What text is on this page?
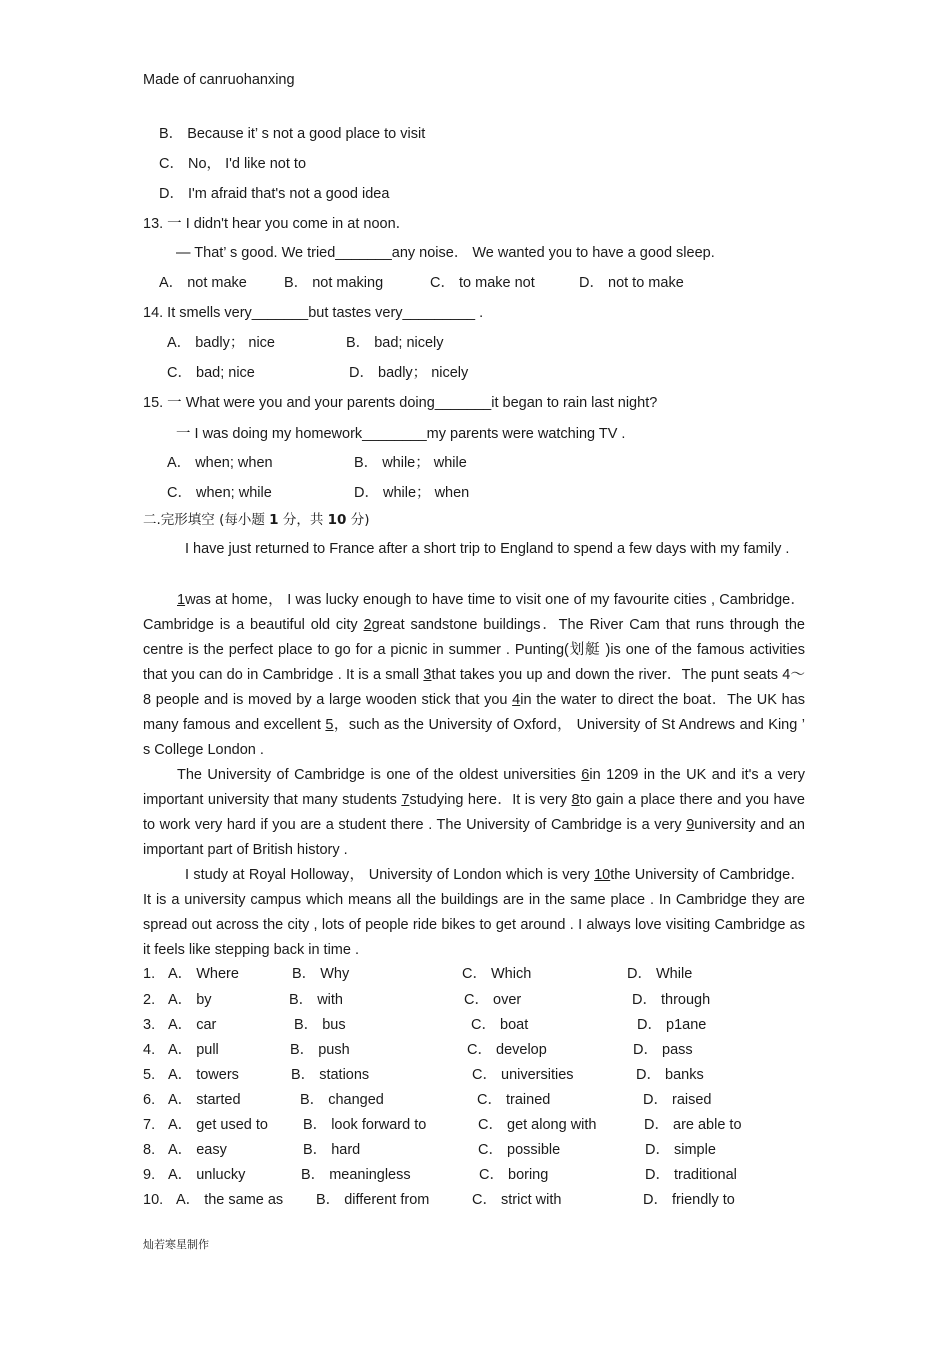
Made of canruohanxing
B． Because it’ s not a good place to visit
C． No， I'd like not to
D． I'm afraid that's not a good idea
13. 一 I didn't hear you come in at noon．
— That’ s good. We tried_______any noise． We wanted you to have a good sleep.
A． not make	B． not making	C． to make not	D． not to make
14. It smells very_______but tastes very_________ .
A． badly； nice	B． bad; nicely
C． bad; nice	D． badly； nicely
15. 一 What were you and your parents doing_______it began to rain last night?
一 I was doing my homework________my parents were watching TV .
A． when; when	B． while； while
C． when; while	D． while； when
二.完形填空 (每小题 1 分，共 10 分)
I have just returned to France after a short trip to England to spend a few days with my family .
1was at home， I was lucky enough to have time to visit one of my favourite cities , Cambridge．Cambridge is a beautiful old city 2great sandstone buildings．The River Cam that runs through the centre is the perfect place to go for a picnic in summer . Punting(划艇 )is one of the famous activities that you can do in Cambridge . It is a small 3that takes you up and down the river．The punt seats 4～8 people and is moved by a large wooden stick that you 4in the water to direct the boat．The UK has many famous and excellent 5，such as the University of Oxford， University of St Andrews and King ’ s College London .
The University of Cambridge is one of the oldest universities 6in 1209 in the UK and it's a very important university that many students 7studying here．It is very 8to gain a place there and you have to work very hard if you are a student there . The University of Cambridge is a very 9university and an important part of British history .
I study at Royal Holloway， University of London which is very 10the University of Cambridge．It is a university campus which means all the buildings are in the same place . In Cambridge they are spread out across the city , lots of people ride bikes to get around . I always love visiting Cambridge as it feels like stepping back in time .
1. A． Where	B． Why	C． Which	D． While
2. A． by	B． with	C． over	D． through
3. A． car	B． bus	C． boat	D． p1ane
4. A． pull	B． push	C． develop	D． pass
5. A． towers	B． stations	C． universities	D． banks
6. A． started	B． changed	C． trained	D． raised
7. A． get used to B． look forward to	C． get along with	D． are able to
8. A． easy	B． hard	C． possible	D． simple
9. A． unlucky	B． meaningless	C． boring	D． traditional
10. A． the same as B． different from	C． strict with	D． friendly to
灿若寒星制作
